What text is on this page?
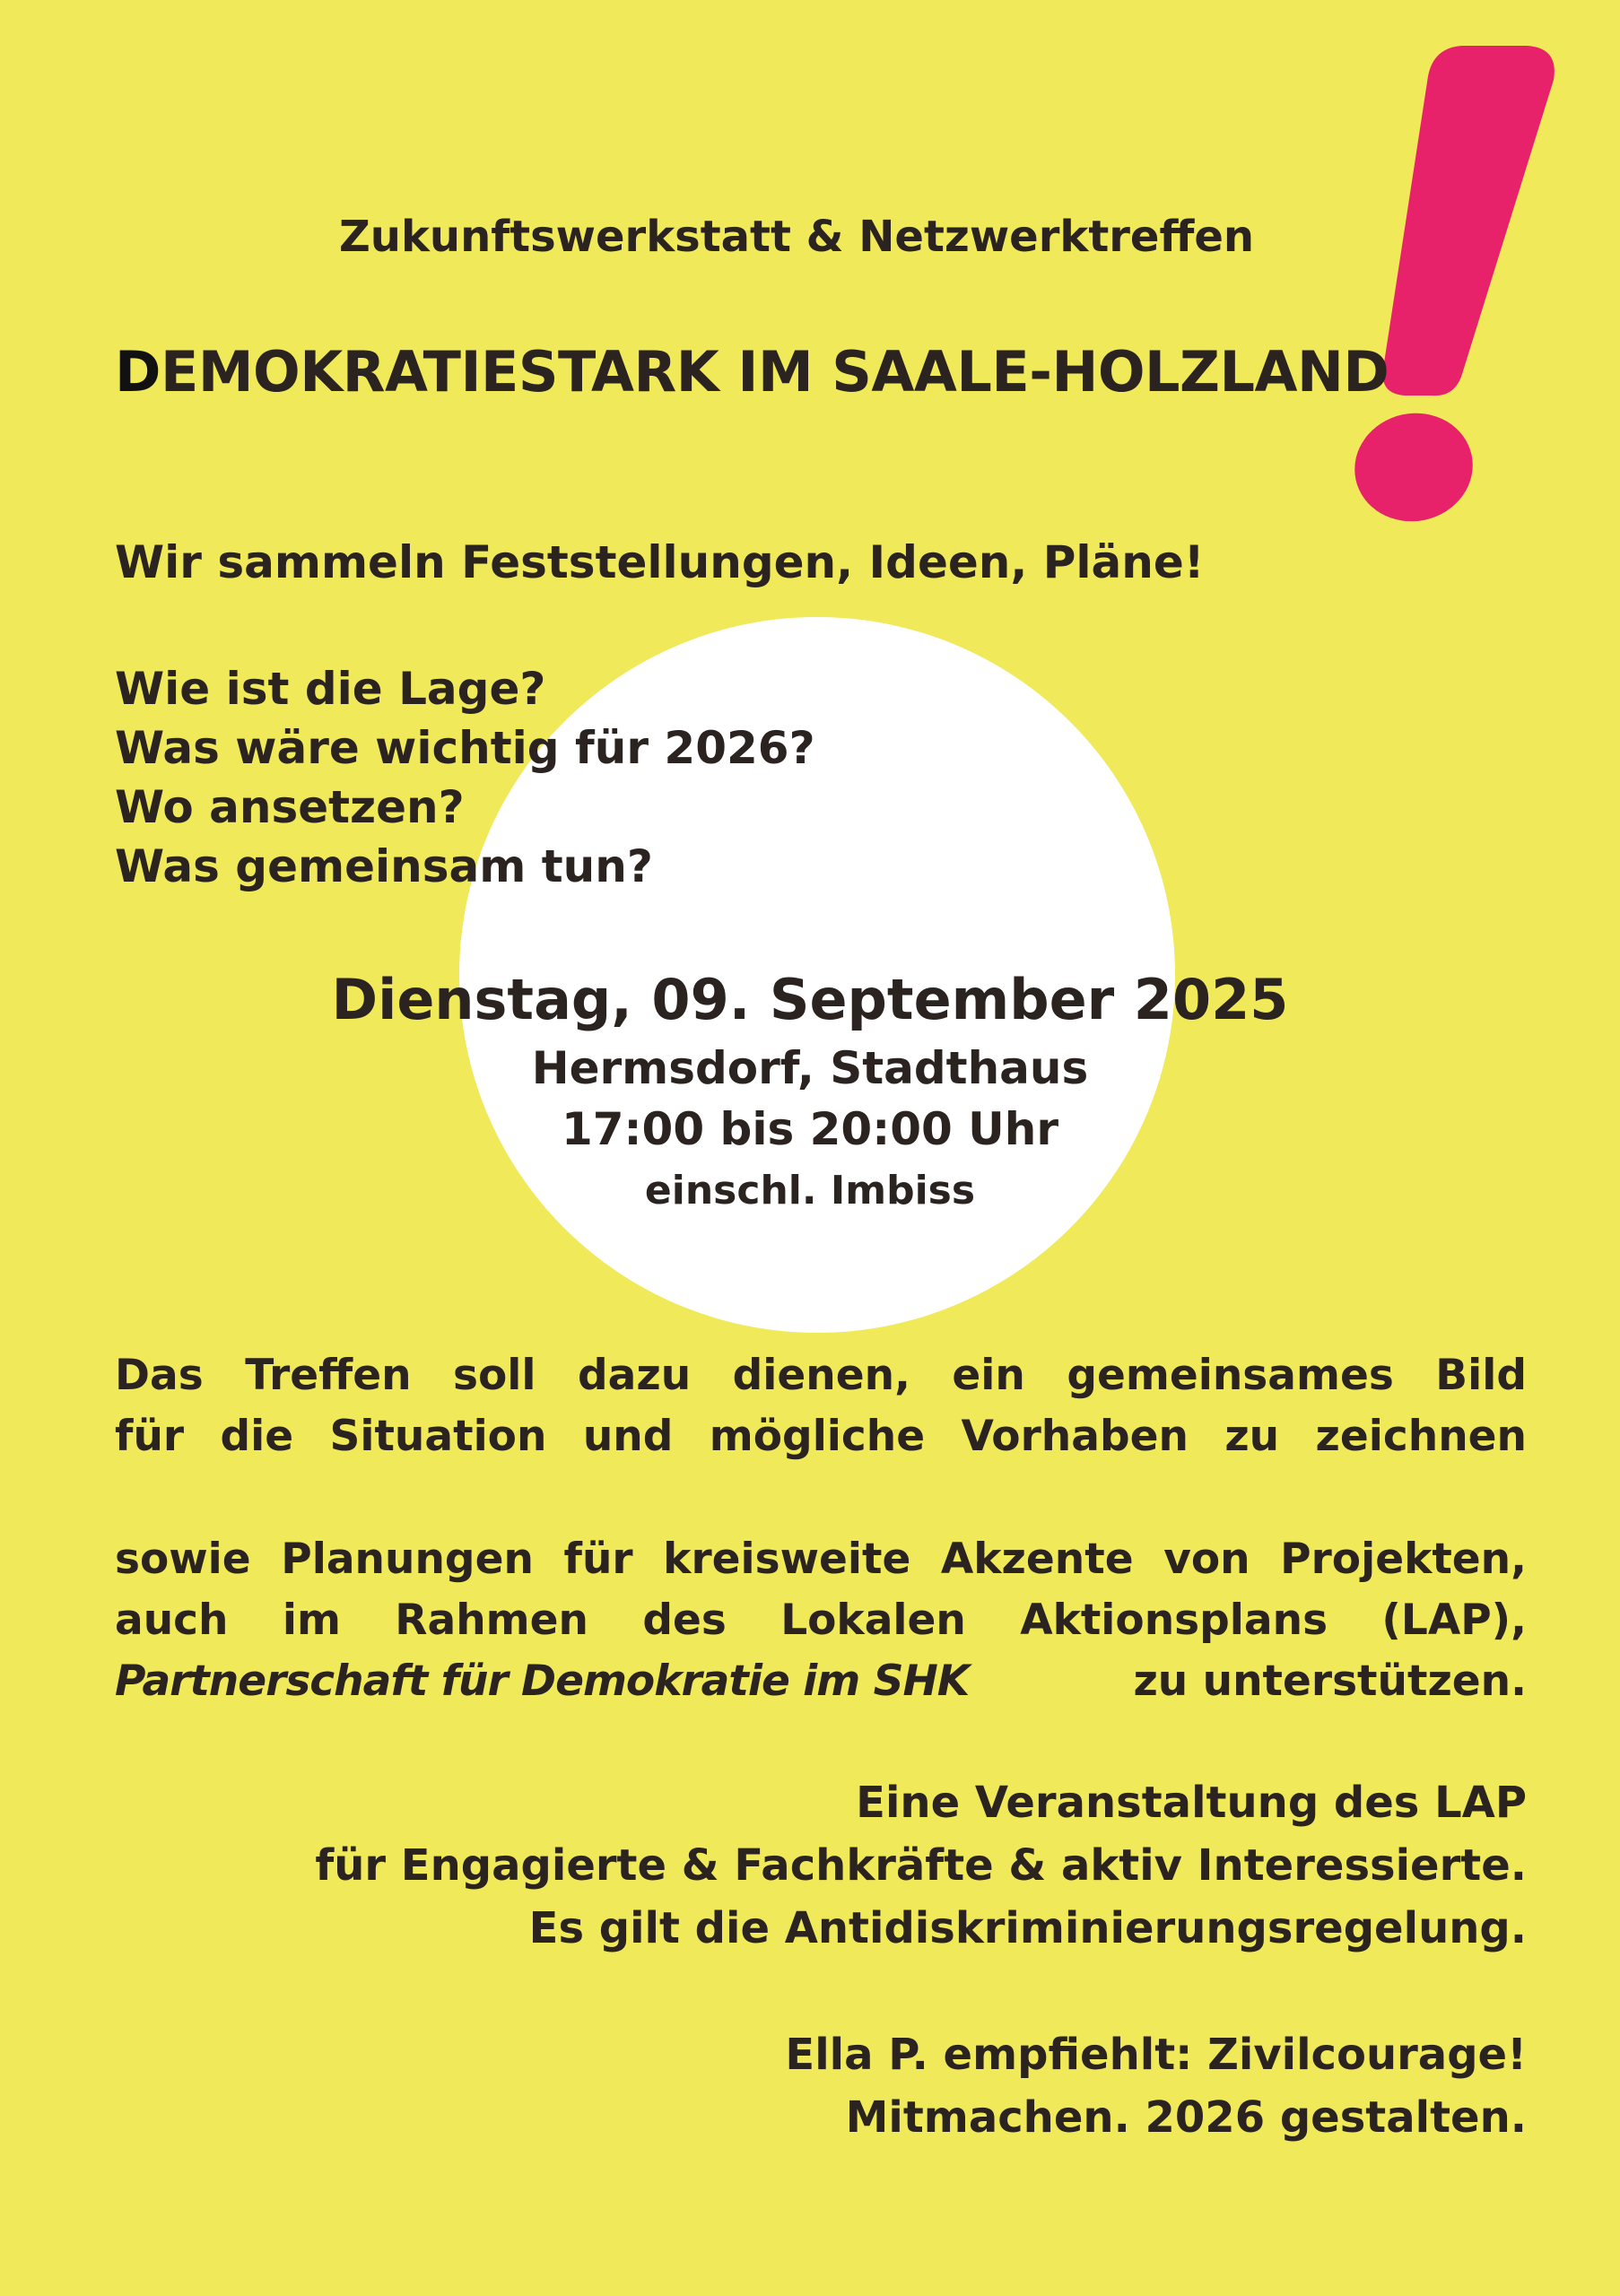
Zukunftswerkstatt & Netzwerktreffen
DEMOKRATIESTARK IM SAALE-HOLZLAND
Wir sammeln Feststellungen, Ideen, Pläne!
Wie ist die Lage?
Was wäre wichtig für 2026?
Wo ansetzen?
Was gemeinsam tun?
Dienstag, 09. September 2025
Hermsdorf, Stadthaus
17:00 bis 20:00 Uhr
einschl. Imbiss
Das Treffen soll dazu dienen, ein gemeinsames Bild
für die Situation und mögliche Vorhaben zu zeichnen
sowie Planungen für kreisweite Akzente von Projekten,
auch im Rahmen des Lokalen Aktionsplans (LAP),
Partnerschaft für Demokratie im SHK	zu unterstützen.
Eine Veranstaltung des LAP
für Engagierte & Fachkräfte & aktiv Interessierte.
Es gilt die Antidiskriminierungsregelung.
Ella P. empfiehlt: Zivilcourage!
Mitmachen. 2026 gestalten.
